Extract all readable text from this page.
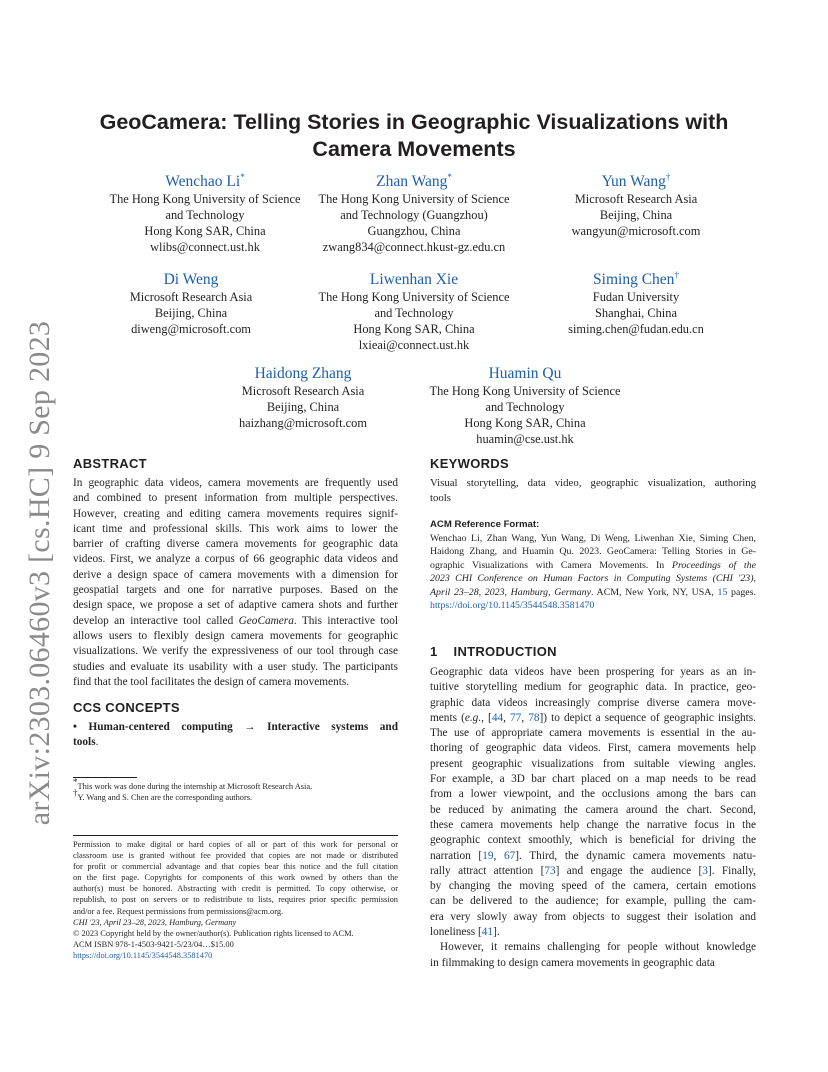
arXiv:2303.06460v3 [cs.HC] 9 Sep 2023
GeoCamera: Telling Stories in Geographic Visualizations with
Camera Movements
Wenchao Li*
The Hong Kong University of Science
and Technology
Hong Kong SAR, China
wlibs@connect.ust.hk
Zhan Wang*
The Hong Kong University of Science
and Technology (Guangzhou)
Guangzhou, China
zwang834@connect.hkust-gz.edu.cn
Yun Wang†
Microsoft Research Asia
Beijing, China
wangyun@microsoft.com
Di Weng
Microsoft Research Asia
Beijing, China
diweng@microsoft.com
Liwenhan Xie
The Hong Kong University of Science
and Technology
Hong Kong SAR, China
lxieai@connect.ust.hk
Siming Chen†
Fudan University
Shanghai, China
siming.chen@fudan.edu.cn
Haidong Zhang
Microsoft Research Asia
Beijing, China
haizhang@microsoft.com
Huamin Qu
The Hong Kong University of Science
and Technology
Hong Kong SAR, China
huamin@cse.ust.hk
ABSTRACT
In geographic data videos, camera movements are frequently used
and combined to present information from multiple perspectives.
However, creating and editing camera movements requires signif-
icant time and professional skills. This work aims to lower the
barrier of crafting diverse camera movements for geographic data
videos. First, we analyze a corpus of 66 geographic data videos and
derive a design space of camera movements with a dimension for
geospatial targets and one for narrative purposes. Based on the
design space, we propose a set of adaptive camera shots and further
develop an interactive tool called GeoCamera. This interactive tool
allows users to flexibly design camera movements for geographic
visualizations. We verify the expressiveness of our tool through case
studies and evaluate its usability with a user study. The participants
find that the tool facilitates the design of camera movements.
CCS CONCEPTS
• Human-centered computing → Interactive systems and
tools.
*This work was done during the internship at Microsoft Research Asia.
†Y. Wang and S. Chen are the corresponding authors.
Permission to make digital or hard copies of all or part of this work for personal or
classroom use is granted without fee provided that copies are not made or distributed
for profit or commercial advantage and that copies bear this notice and the full citation
on the first page. Copyrights for components of this work owned by others than the
author(s) must be honored. Abstracting with credit is permitted. To copy otherwise, or
republish, to post on servers or to redistribute to lists, requires prior specific permission
and/or a fee. Request permissions from permissions@acm.org.
CHI '23, April 23–28, 2023, Hamburg, Germany
© 2023 Copyright held by the owner/author(s). Publication rights licensed to ACM.
ACM ISBN 978-1-4503-9421-5/23/04…$15.00
https://doi.org/10.1145/3544548.3581470
KEYWORDS
Visual storytelling, data video, geographic visualization, authoring
tools
ACM Reference Format:
Wenchao Li, Zhan Wang, Yun Wang, Di Weng, Liwenhan Xie, Siming Chen,
Haidong Zhang, and Huamin Qu. 2023. GeoCamera: Telling Stories in Ge-
ographic Visualizations with Camera Movements. In Proceedings of the
2023 CHI Conference on Human Factors in Computing Systems (CHI '23),
April 23–28, 2023, Hamburg, Germany. ACM, New York, NY, USA, 15 pages.
https://doi.org/10.1145/3544548.3581470
1 INTRODUCTION
Geographic data videos have been prospering for years as an in-
tuitive storytelling medium for geographic data. In practice, geo-
graphic data videos increasingly comprise diverse camera move-
ments (e.g., [44, 77, 78]) to depict a sequence of geographic insights.
The use of appropriate camera movements is essential in the au-
thoring of geographic data videos. First, camera movements help
present geographic visualizations from suitable viewing angles.
For example, a 3D bar chart placed on a map needs to be read
from a lower viewpoint, and the occlusions among the bars can
be reduced by animating the camera around the chart. Second,
these camera movements help change the narrative focus in the
geographic context smoothly, which is beneficial for driving the
narration [19, 67]. Third, the dynamic camera movements natu-
rally attract attention [73] and engage the audience [3]. Finally,
by changing the moving speed of the camera, certain emotions
can be delivered to the audience; for example, pulling the cam-
era very slowly away from objects to suggest their isolation and
loneliness [41].
However, it remains challenging for people without knowledge
in filmmaking to design camera movements in geographic data
